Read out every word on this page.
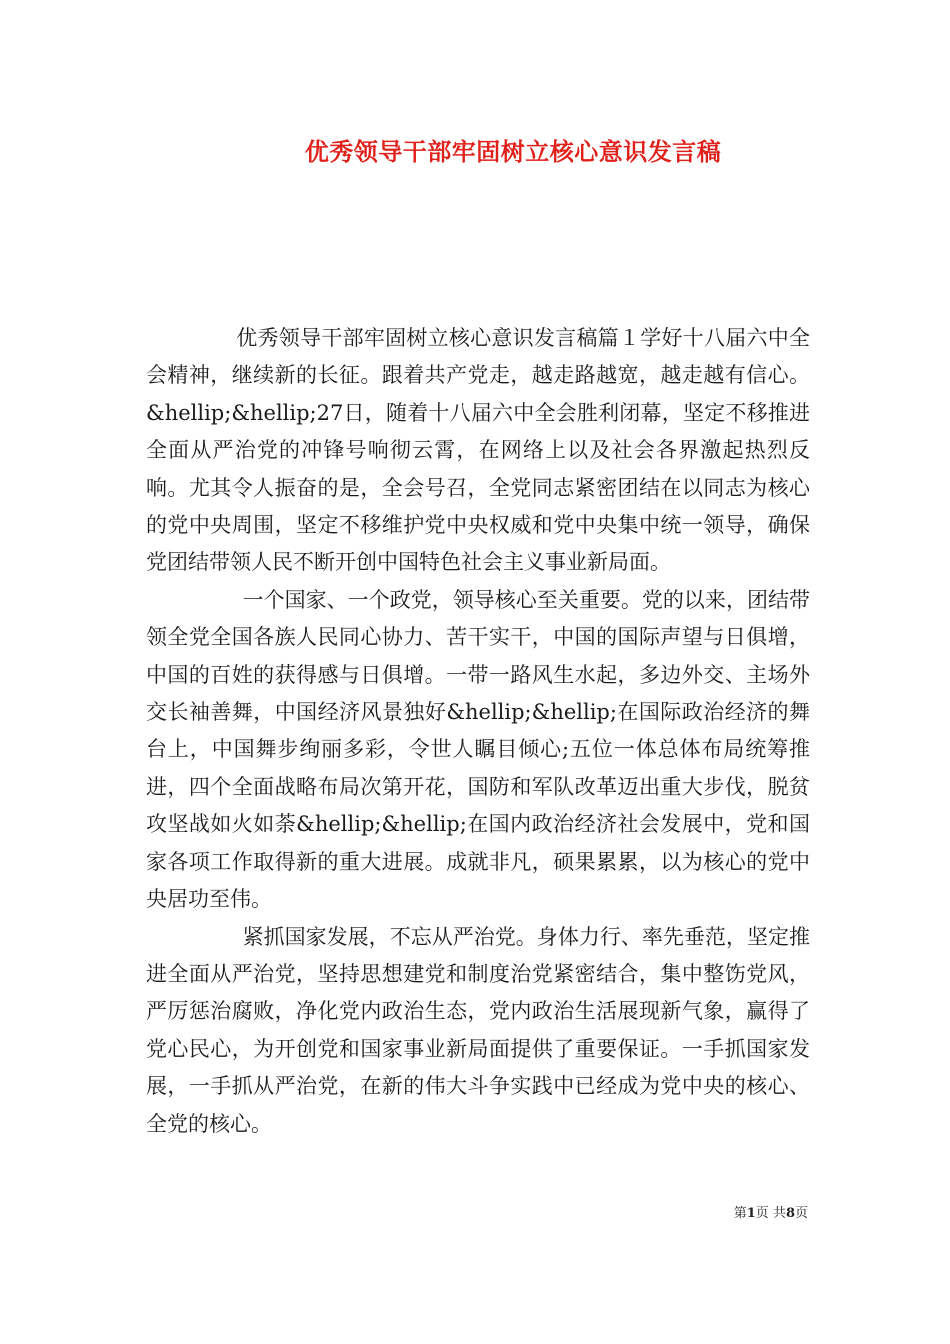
优秀领导干部牢固树立核心意识发言稿

优秀领导干部牢固树立核心意识发言稿篇１学好十八届六中全会精神，继续新的长征。跟着共产党走，越走路越宽，越走越有信心。&hellip;&hellip;27日，随着十八届六中全会胜利闭幕，坚定不移推进全面从严治党的冲锋号响彻云霄，在网络上以及社会各界激起热烈反响。尤其令人振奋的是，全会号召，全党同志紧密团结在以同志为核心的党中央周围，坚定不移维护党中央权威和党中央集中统一领导，确保党团结带领人民不断开创中国特色社会主义事业新局面。

一个国家、一个政党，领导核心至关重要。党的以来，团结带领全党全国各族人民同心协力、苦干实干，中国的国际声望与日俱增，中国的百姓的获得感与日俱增。一带一路风生水起，多边外交、主场外交长袖善舞，中国经济风景独好&hellip;&hellip;在国际政治经济的舞台上，中国舞步绚丽多彩，令世人瞩目倾心;五位一体总体布局统筹推进，四个全面战略布局次第开花，国防和军队改革迈出重大步伐，脱贫攻坚战如火如荼&hellip;&hellip;在国内政治经济社会发展中，党和国家各项工作取得新的重大进展。成就非凡，硕果累累，以为核心的党中央居功至伟。

紧抓国家发展，不忘从严治党。身体力行、率先垂范，坚定推进全面从严治党，坚持思想建党和制度治党紧密结合，集中整饬党风，严厉惩治腐败，净化党内政治生态，党内政治生活展现新气象，赢得了党心民心，为开创党和国家事业新局面提供了重要保证。一手抓国家发展，一手抓从严治党，在新的伟大斗争实践中已经成为党中央的核心、全党的核心。

第1页 共8页
